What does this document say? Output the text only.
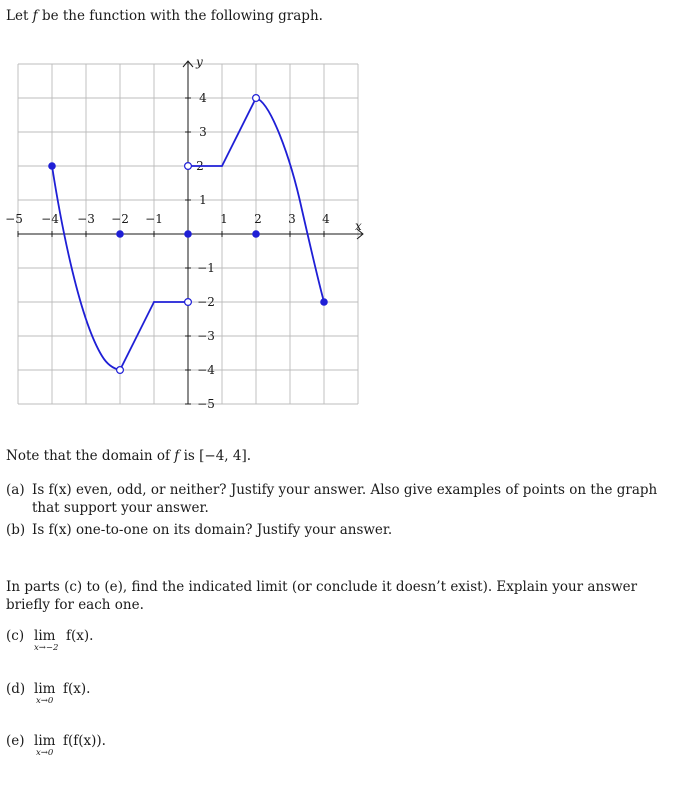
Let f be the function with the following graph.
y
x
−5 −4 −3 −2 −1	1 2 3 4
4
3
2
1
−1
−2
−3
−4
−5
Note that the domain of f is [−4, 4].
(a) Is f(x) even, odd, or neither? Justify your answer. Also give examples of points on the graph
that support your answer.
(b) Is f(x) one-to-one on its domain? Justify your answer.
In parts (c) to (e), find the indicated limit (or conclude it doesn’t exist). Explain your answer briefly for each one.
(c) lim
x→−2
f(x).
(d) lim
x→0
f(x).
(e) lim
x→0
f(f(x)).
